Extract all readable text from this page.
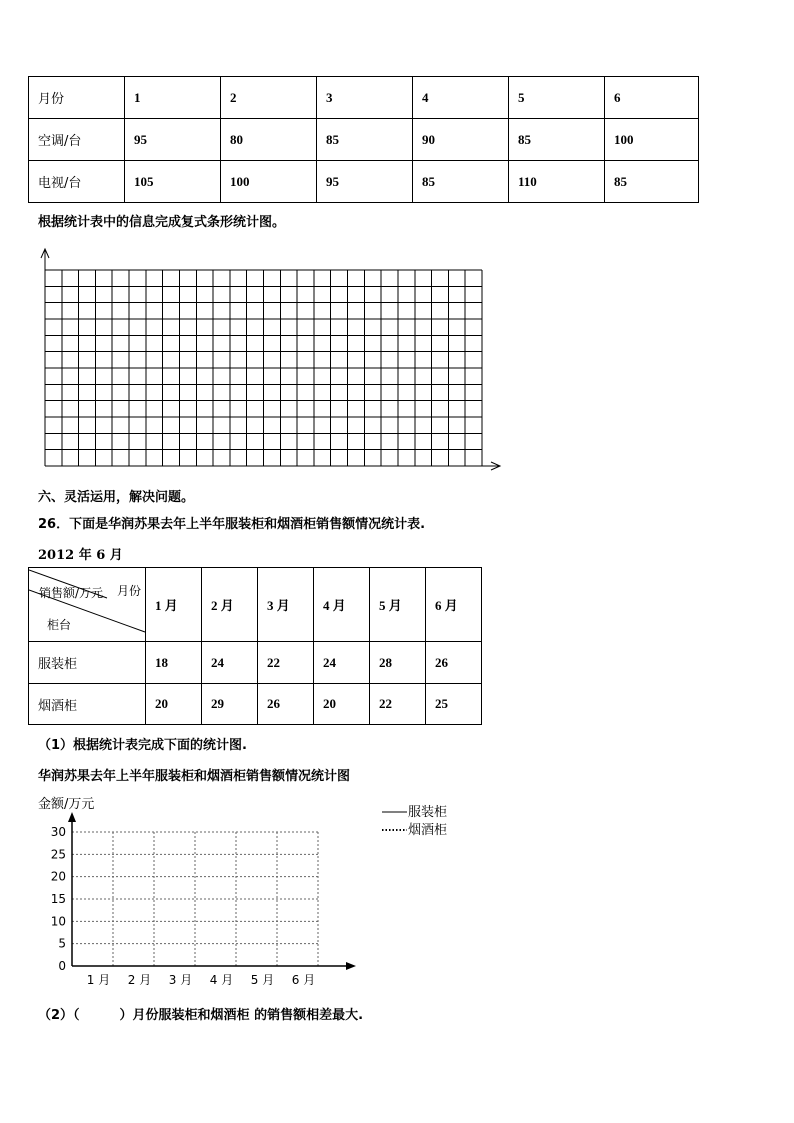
月份	1	2	3	4	5	6
空调/台	95	80	85	90	85	100
电视/台	105	100	95	85	110	85
根据统计表中的信息完成复式条形统计图。
六、灵活运用，解决问题。
26．下面是华润苏果去年上半年服装柜和烟酒柜销售额情况统计表.
2012 年 6 月
销售额/万元 月份
柜台	1 月	2 月	3 月	4 月	5 月	6 月
服装柜	18	24	22	24	28	26
烟酒柜	20	29	26	20	22	25
（1）根据统计表完成下面的统计图.
华润苏果去年上半年服装柜和烟酒柜销售额情况统计图
金额/万元
0
5
10
15
20
25
30
1 月 2 月 3 月 4 月 5 月 6 月
服装柜
烟酒柜
（2）（	）月份服装柜和烟酒柜 的销售额相差最大.
